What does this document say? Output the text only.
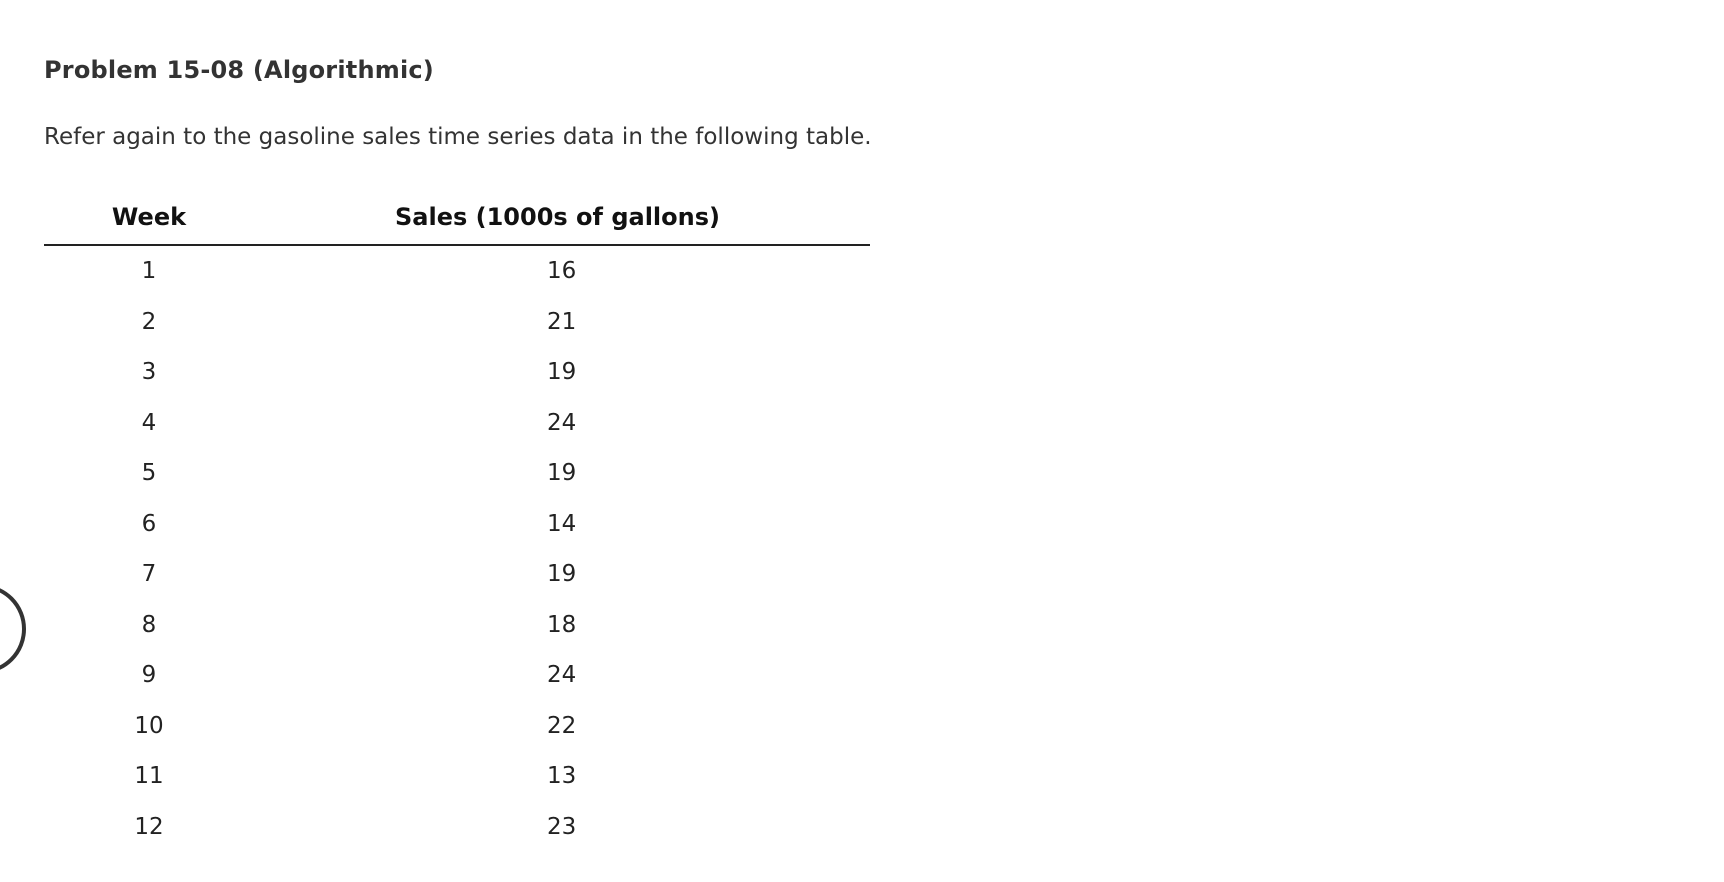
Problem 15-08 (Algorithmic)

Refer again to the gasoline sales time series data in the following table.

Week	Sales (1000s of gallons)
1	16
2	21
3	19
4	24
5	19
6	14
7	19
8	18
9	24
10	22
11	13
12	23
